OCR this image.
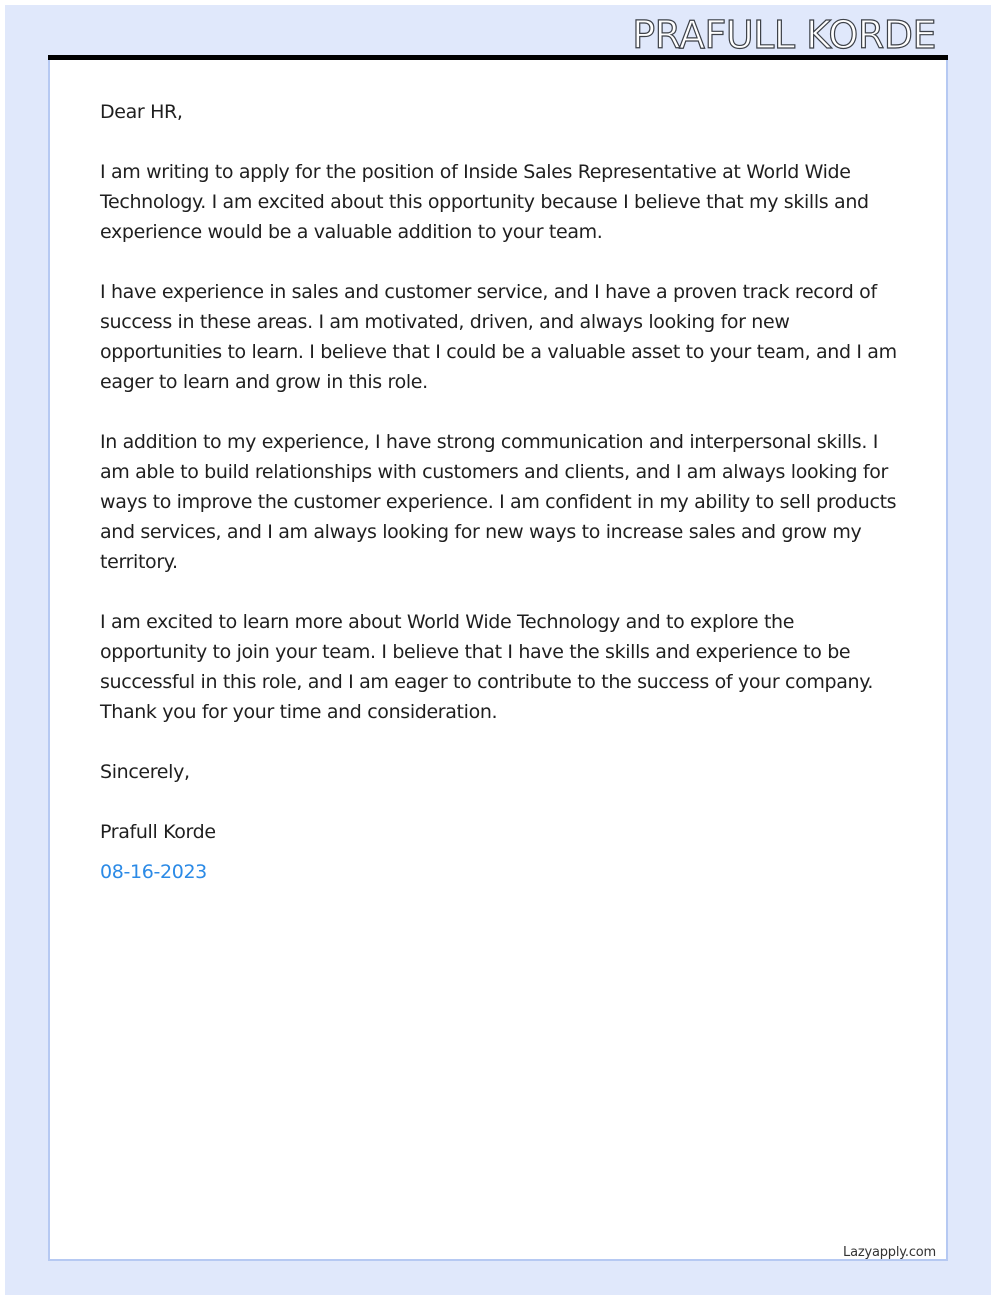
PRAFULL KORDE

Dear HR,

I am writing to apply for the position of Inside Sales Representative at World Wide Technology. I am excited about this opportunity because I believe that my skills and experience would be a valuable addition to your team.

I have experience in sales and customer service, and I have a proven track record of success in these areas. I am motivated, driven, and always looking for new opportunities to learn. I believe that I could be a valuable asset to your team, and I am eager to learn and grow in this role.

In addition to my experience, I have strong communication and interpersonal skills. I am able to build relationships with customers and clients, and I am always looking for ways to improve the customer experience. I am confident in my ability to sell products and services, and I am always looking for new ways to increase sales and grow my territory.

I am excited to learn more about World Wide Technology and to explore the opportunity to join your team. I believe that I have the skills and experience to be successful in this role, and I am eager to contribute to the success of your company. Thank you for your time and consideration.

Sincerely,

Prafull Korde

08-16-2023

Lazyapply.com
